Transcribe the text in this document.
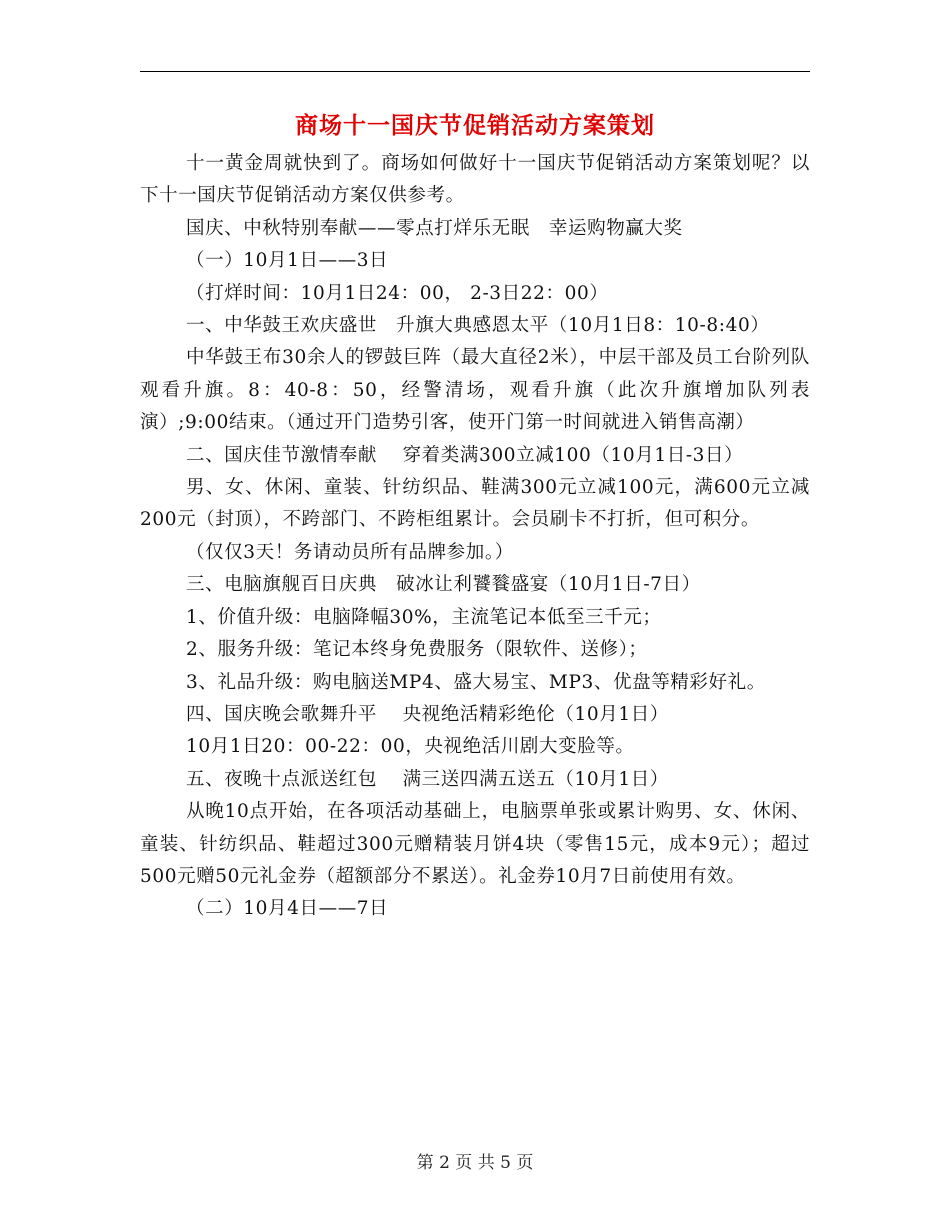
商场十一国庆节促销活动方案策划

十一黄金周就快到了。商场如何做好十一国庆节促销活动方案策划呢？以下十一国庆节促销活动方案仅供参考。

国庆、中秋特别奉献——零点打烊乐无眠　幸运购物赢大奖

（一）10月1日——3日

（打烊时间：10月1日24：00， 2-3日22：00）

一、中华鼓王欢庆盛世　升旗大典感恩太平（10月1日8：10-8:40）

中华鼓王布30余人的锣鼓巨阵（最大直径2米），中层干部及员工台阶列队观看升旗。8：40-8：50，经警清场，观看升旗（此次升旗增加队列表演）;9:00结束。（通过开门造势引客，使开门第一时间就进入销售高潮）

二、国庆佳节激情奉献　 穿着类满300立减100（10月1日-3日）

男、女、休闲、童装、针纺织品、鞋满300元立减100元，满600元立减200元（封顶），不跨部门、不跨柜组累计。会员刷卡不打折，但可积分。

（仅仅3天！务请动员所有品牌参加。）

三、电脑旗舰百日庆典　破冰让利饕餮盛宴（10月1日-7日）

1、价值升级：电脑降幅30%，主流笔记本低至三千元；

2、服务升级：笔记本终身免费服务（限软件、送修）；

3、礼品升级：购电脑送MP4、盛大易宝、MP3、优盘等精彩好礼。

四、国庆晚会歌舞升平　 央视绝活精彩绝伦（10月1日）

10月1日20：00-22：00，央视绝活川剧大变脸等。

五、夜晚十点派送红包　 满三送四满五送五（10月1日）

从晚10点开始，在各项活动基础上，电脑票单张或累计购男、女、休闲、童装、针纺织品、鞋超过300元赠精装月饼4块（零售15元，成本9元）；超过500元赠50元礼金券（超额部分不累送）。礼金券10月7日前使用有效。

（二）10月4日——7日

第 2 页 共 5 页
